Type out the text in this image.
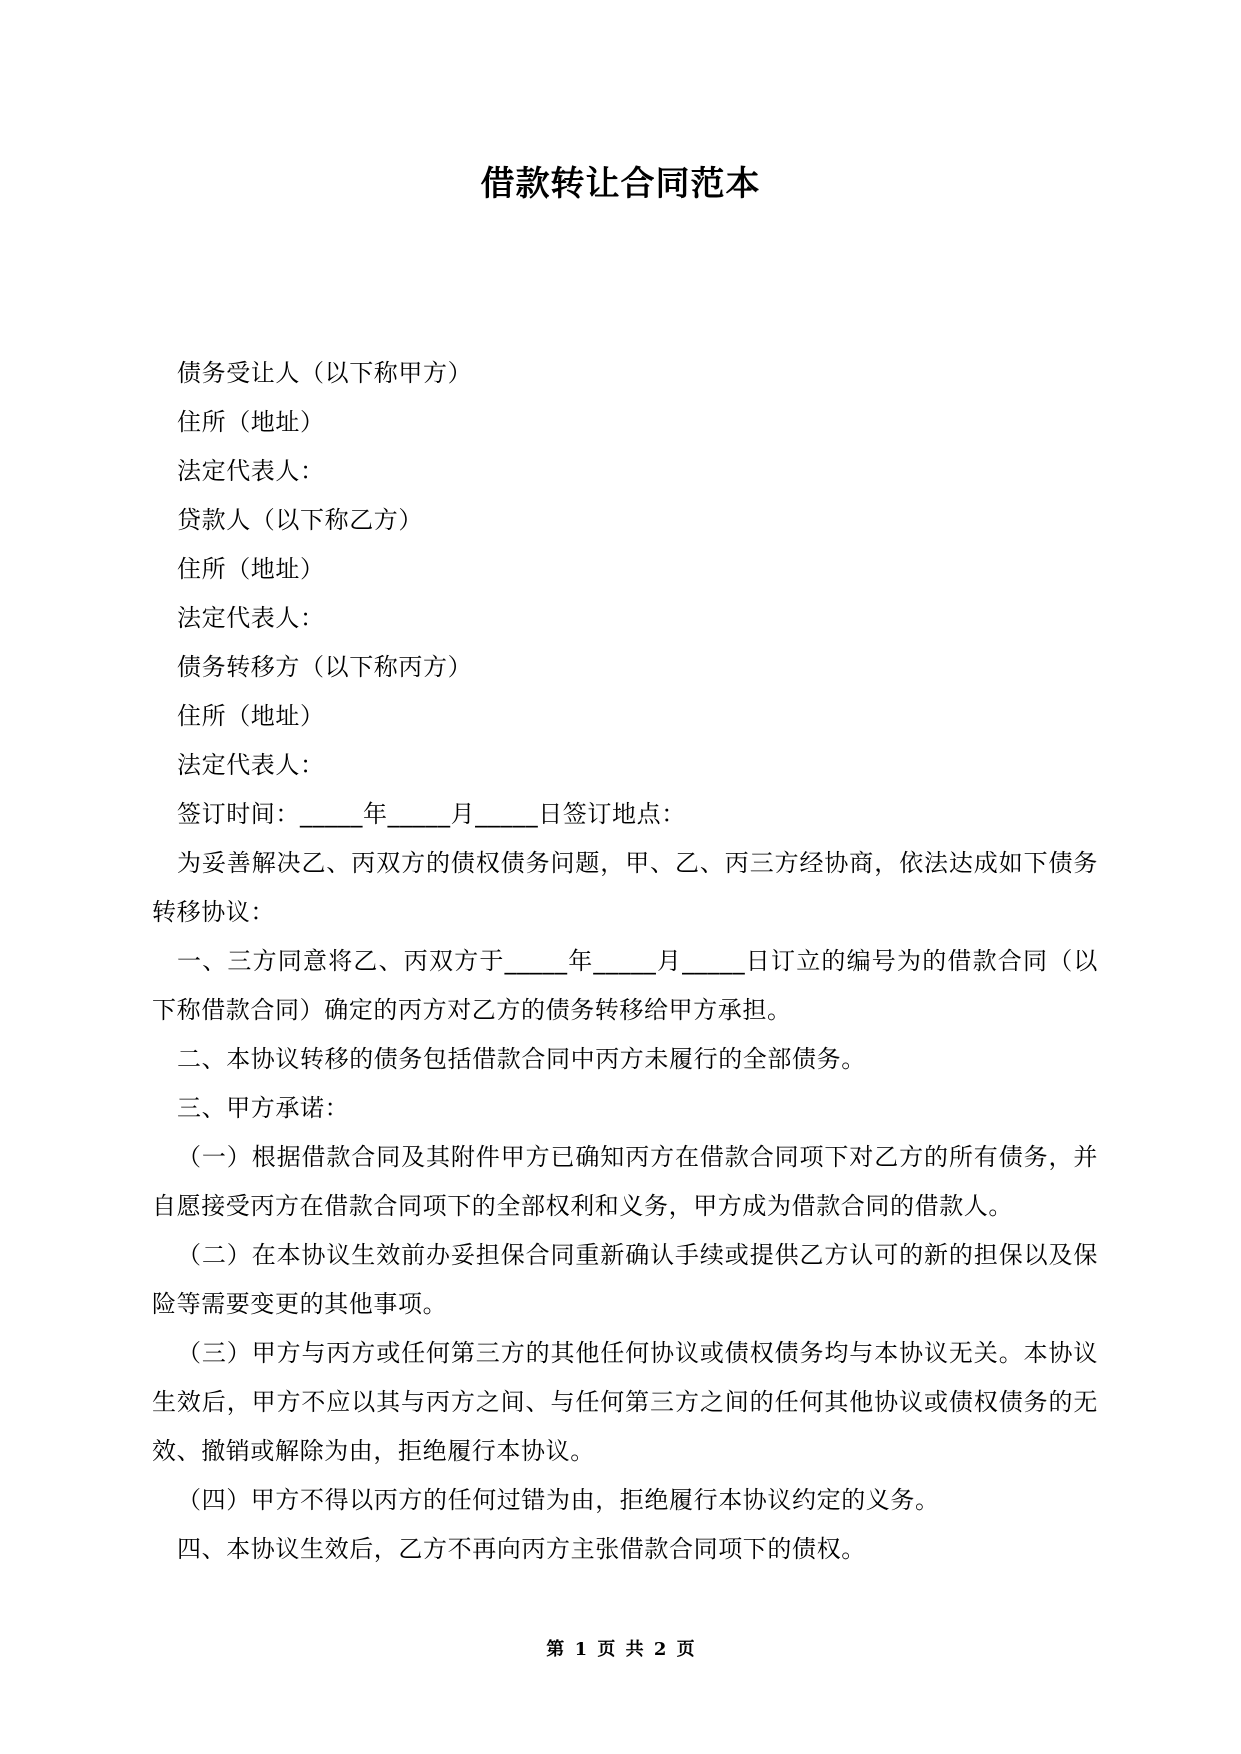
借款转让合同范本
债务受让人（以下称甲方）
住所（地址）
法定代表人：
贷款人（以下称乙方）
住所（地址）
法定代表人：
债务转移方（以下称丙方）
住所（地址）
法定代表人：
签订时间：_____年_____月_____日签订地点：

为妥善解决乙、丙双方的债权债务问题，甲、乙、丙三方经协商，依法达成如下债务转移协议：

一、三方同意将乙、丙双方于_____年_____月_____日订立的编号为的借款合同（以下称借款合同）确定的丙方对乙方的债务转移给甲方承担。

二、本协议转移的债务包括借款合同中丙方未履行的全部债务。

三、甲方承诺：

（一）根据借款合同及其附件甲方已确知丙方在借款合同项下对乙方的所有债务，并自愿接受丙方在借款合同项下的全部权利和义务，甲方成为借款合同的借款人。

（二）在本协议生效前办妥担保合同重新确认手续或提供乙方认可的新的担保以及保险等需要变更的其他事项。

（三）甲方与丙方或任何第三方的其他任何协议或债权债务均与本协议无关。本协议生效后，甲方不应以其与丙方之间、与任何第三方之间的任何其他协议或债权债务的无效、撤销或解除为由，拒绝履行本协议。

（四）甲方不得以丙方的任何过错为由，拒绝履行本协议约定的义务。

四、本协议生效后，乙方不再向丙方主张借款合同项下的债权。

第 1 页 共 2 页
